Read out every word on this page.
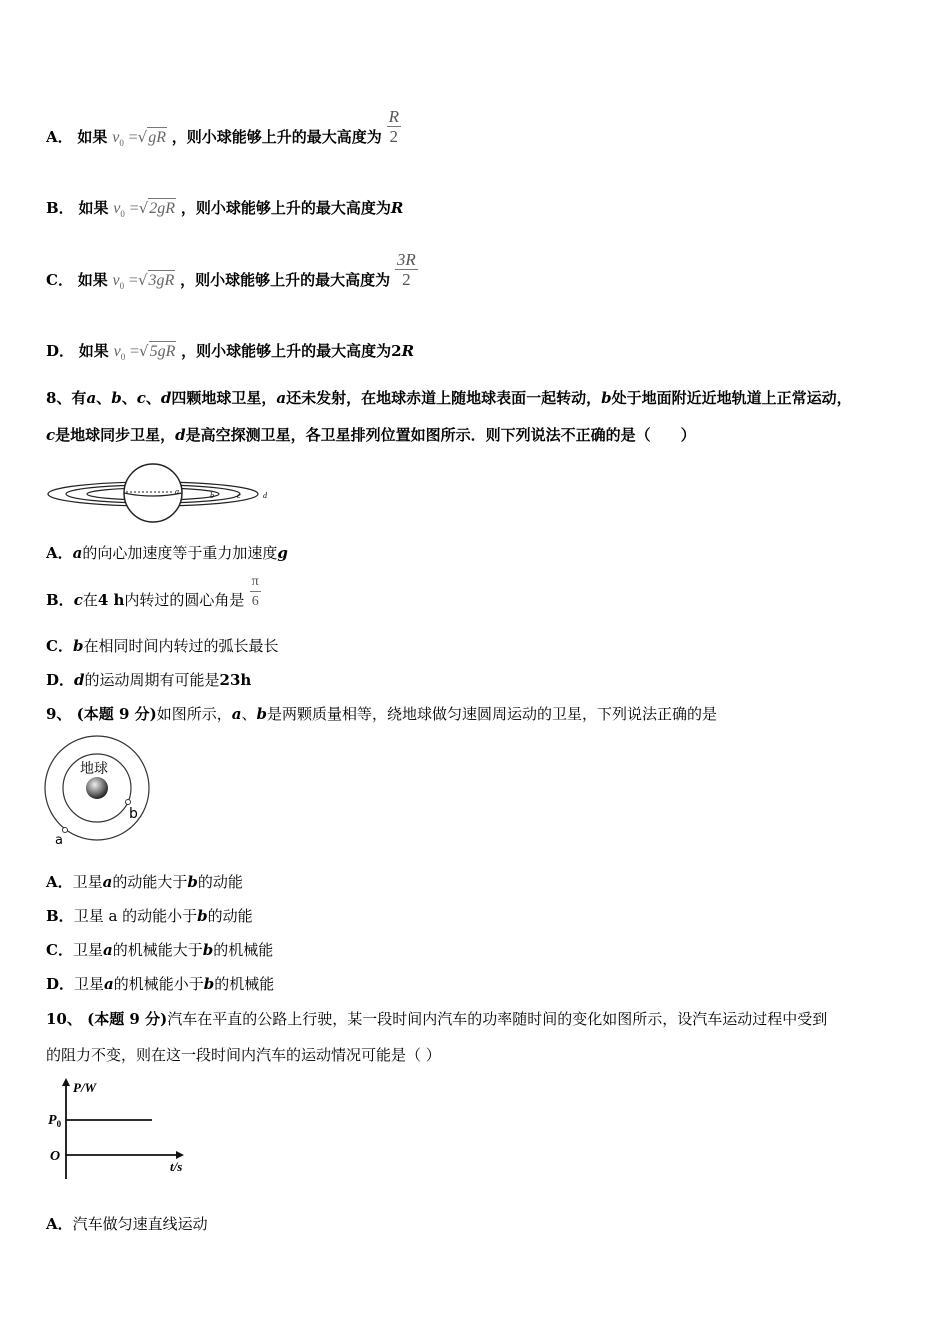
A． 如果 $v_0 =√gR$ ，则小球能够上升的最大高度为 $\frac{R}{2}$
B． 如果 $v_0 =√2gR$ ，则小球能够上升的最大高度为R
C． 如果 $v_0 =√3gR$ ，则小球能够上升的最大高度为 $\frac{3R}{2}$
D． 如果 $v_0 =√5gR$ ，则小球能够上升的最大高度为2R
8、有a、b、c、d四颗地球卫星，a还未发射，在地球赤道上随地球表面一起转动，b处于地面附近近地轨道上正常运动，
c是地球同步卫星，d是高空探测卫星，各卫星排列位置如图所示．则下列说法不正确的是（　　）
a	b	c	d
A．a的向心加速度等于重力加速度g
B．c在4 h内转过的圆心角是 $\frac{\pi}{6}$
C．b在相同时间内转过的弧长最长
D．d的运动周期有可能是23h
9、 (本题 9 分)如图所示，a、b是两颗质量相等，绕地球做匀速圆周运动的卫星，下列说法正确的是
地球
b
a
A．卫星a的动能大于b的动能
B．卫星 a 的动能小于b的动能
C．卫星a的机械能大于b的机械能
D．卫星a的机械能小于b的机械能
10、 (本题 9 分)汽车在平直的公路上行驶，某一段时间内汽车的功率随时间的变化如图所示，设汽车运动过程中受到
的阻力不变，则在这一段时间内汽车的运动情况可能是（ ）
P/W
$P_0$
O
t/s
A．汽车做匀速直线运动
